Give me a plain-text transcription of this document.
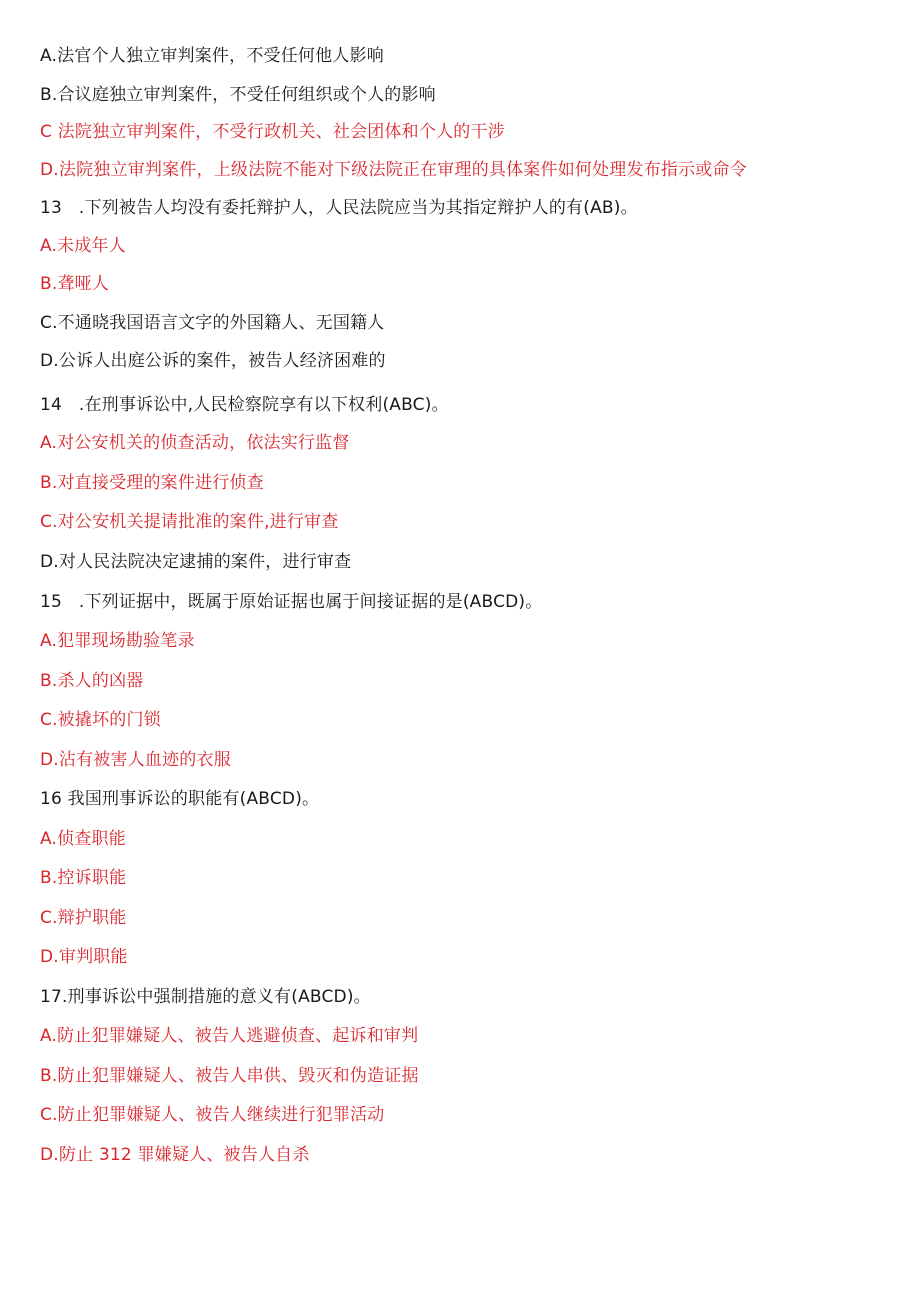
A.法官个人独立审判案件，不受任何他人影响
B.合议庭独立审判案件，不受任何组织或个人的影响
C 法院独立审判案件，不受行政机关、社会团体和个人的干涉
D.法院独立审判案件，上级法院不能对下级法院正在审理的具体案件如何处理发布指示或命令
13   .下列被告人均没有委托辩护人，人民法院应当为其指定辩护人的有(AB)。
A.未成年人
B.聋哑人
C.不通晓我国语言文字的外国籍人、无国籍人
D.公诉人出庭公诉的案件，被告人经济困难的
14   .在刑事诉讼中,人民检察院享有以下权利(ABC)。
A.对公安机关的侦查活动，依法实行监督
B.对直接受理的案件进行侦查
C.对公安机关提请批准的案件,进行审查
D.对人民法院决定逮捕的案件，进行审查
15   .下列证据中，既属于原始证据也属于间接证据的是(ABCD)。
A.犯罪现场勘验笔录
B.杀人的凶器
C.被撬坏的门锁
D.沾有被害人血迹的衣服
16 我国刑事诉讼的职能有(ABCD)。
A.侦查职能
B.控诉职能
C.辩护职能
D.审判职能
17.刑事诉讼中强制措施的意义有(ABCD)。
A.防止犯罪嫌疑人、被告人逃避侦查、起诉和审判
B.防止犯罪嫌疑人、被告人串供、毁灭和伪造证据
C.防止犯罪嫌疑人、被告人继续进行犯罪活动
D.防止 312 罪嫌疑人、被告人自杀
